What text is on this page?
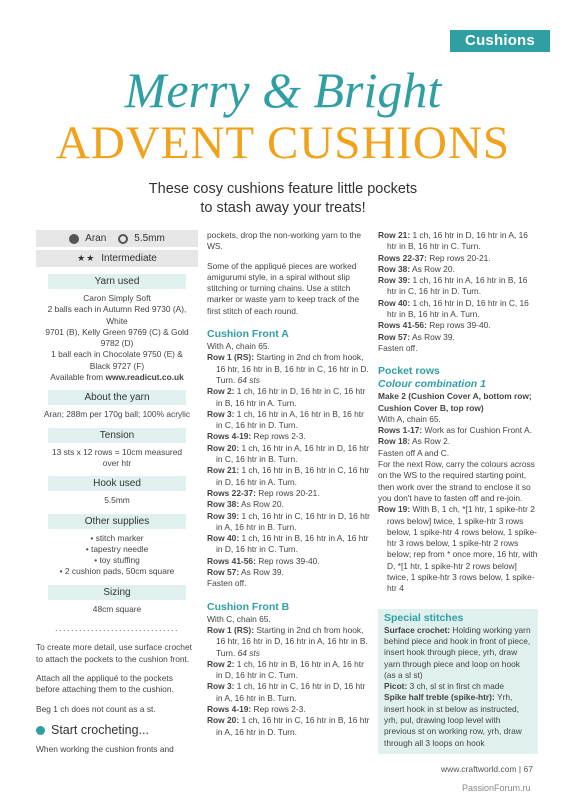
Cushions
Merry & Bright
ADVENT CUSHIONS
These cosy cushions feature little pockets
to stash away your treats!
Aran	5.5mm
★★ Intermediate
Yarn used
Caron Simply Soft
2 balls each in Autumn Red 9730 (A), White
9701 (B), Kelly Green 9769 (C) & Gold 9782 (D)
1 ball each in Chocolate 9750 (E) &
Black 9727 (F)
Available from www.readicut.co.uk
About the yarn
Aran; 288m per 170g ball; 100% acrylic
Tension
13 sts x 12 rows = 10cm measured
over htr
Hook used
5.5mm
Other supplies
• stitch marker
• tapestry needle
• toy stuffing
• 2 cushion pads, 50cm square
Sizing
48cm square
...............................
To create more detail, use surface crochet to attach the pockets to the cushion front.
Attach all the appliqué to the pockets before attaching them to the cushion.
Beg 1 ch does not count as a st.
Start crocheting...
When working the cushion fronts and
pockets, drop the non-working yarn to the WS.
Some of the appliqué pieces are worked amigurumi style, in a spiral without slip stitching or turning chains. Use a stitch marker or waste yarn to keep track of the first stitch of each round.
Cushion Front A
With A, chain 65.
Row 1 (RS): Starting in 2nd ch from hook, 16 htr, 16 htr in B, 16 htr in C, 16 htr in D. Turn. 64 sts
Row 2: 1 ch, 16 htr in D, 16 htr in C, 16 htr in B, 16 htr in A. Turn.
Row 3: 1 ch, 16 htr in A, 16 htr in B, 16 htr in C, 16 htr in D. Turn.
Rows 4-19: Rep rows 2-3.
Row 20: 1 ch, 16 htr in A, 16 htr in D, 16 htr in C, 16 htr in B. Turn.
Row 21: 1 ch, 16 htr in B, 16 htr in C, 16 htr in D, 16 htr in A. Turn.
Rows 22-37: Rep rows 20-21.
Row 38: As Row 20.
Row 39: 1 ch, 16 htr in C, 16 htr in D, 16 htr in A, 16 htr in B. Turn.
Row 40: 1 ch, 16 htr in B, 16 htr in A, 16 htr in D, 16 htr in C. Turn.
Rows 41-56: Rep rows 39-40.
Row 57: As Row 39.
Fasten off.
Cushion Front B
With C, chain 65.
Row 1 (RS): Starting in 2nd ch from hook, 16 htr, 16 htr in D, 16 htr in A, 16 htr in B. Turn. 64 sts
Row 2: 1 ch, 16 htr in B, 16 htr in A, 16 htr in D, 16 htr in C. Turn.
Row 3: 1 ch, 16 htr in C, 16 htr in D, 16 htr in A, 16 htr in B. Turn.
Rows 4-19: Rep rows 2-3.
Row 20: 1 ch, 16 htr in C, 16 htr in B, 16 htr in A, 16 htr in D. Turn.
Row 21: 1 ch, 16 htr in D, 16 htr in A, 16 htr in B, 16 htr in C. Turn.
Rows 22-37: Rep rows 20-21.
Row 38: As Row 20.
Row 39: 1 ch, 16 htr in A, 16 htr in B, 16 htr in C, 16 htr in D. Turn.
Row 40: 1 ch, 16 htr in D, 16 htr in C, 16 htr in B, 16 htr in A. Turn.
Rows 41-56: Rep rows 39-40.
Row 57: As Row 39.
Fasten off.
Pocket rows
Colour combination 1
Make 2 (Cushion Cover A, bottom row; Cushion Cover B, top row)
With A, chain 65.
Rows 1-17: Work as for Cushion Front A.
Row 18: As Row 2.
Fasten off A and C.
For the next Row, carry the colours across on the WS to the required starting point, then work over the strand to enclose it so you don't have to fasten off and re-join.
Row 19: With B, 1 ch, *[1 htr, 1 spike-htr 2 rows below] twice, 1 spike-htr 3 rows below, 1 spike-htr 4 rows below, 1 spike-htr 3 rows below, 1 spike-htr 2 rows below; rep from * once more, 16 htr, with D, *[1 htr, 1 spike-htr 2 rows below] twice, 1 spike-htr 3 rows below, 1 spike-htr 4
Special stitches
Surface crochet: Holding working yarn behind piece and hook in front of piece, insert hook through piece, yrh, draw yarn through piece and loop on hook (as a sl st)
Picot: 3 ch, sl st in first ch made
Spike half treble (spike-htr): Yrh, insert hook in st below as instructed, yrh, pul, drawing loop level with previous st on working row, yrh, draw through all 3 loops on hook
www.craftworld.com | 67
PassionForum.ru
